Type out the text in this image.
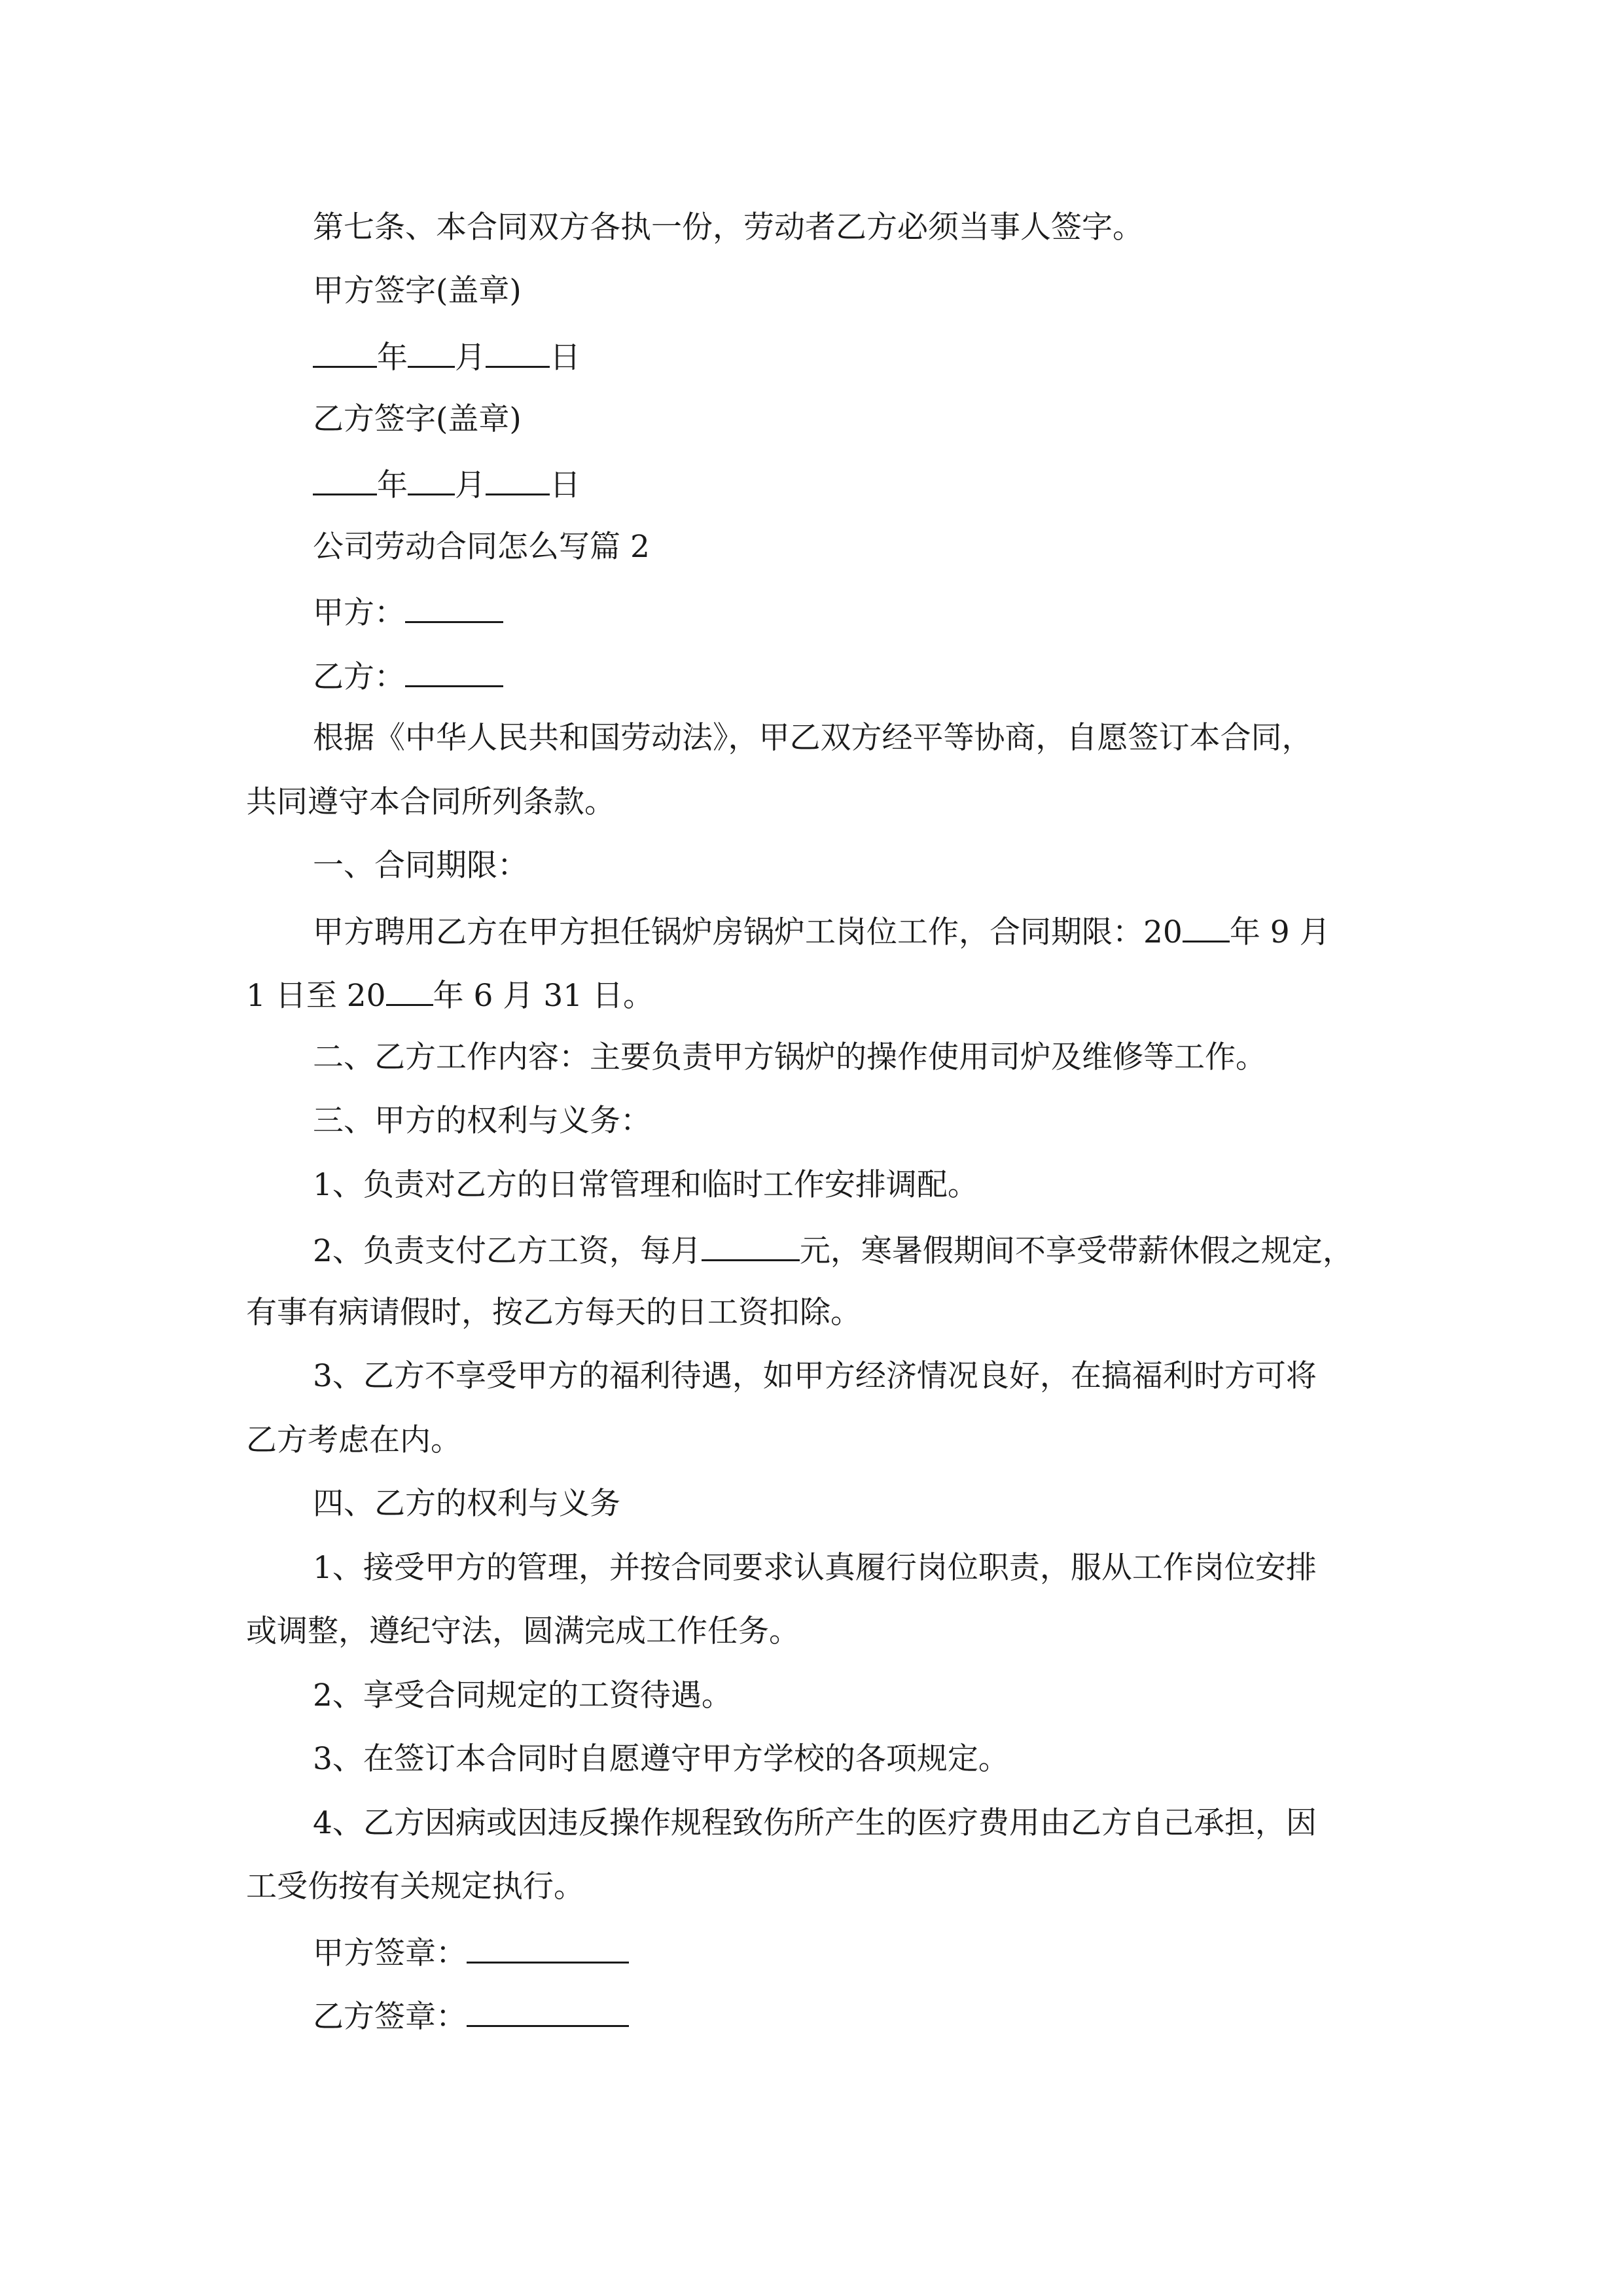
第七条、本合同双方各执一份，劳动者乙方必须当事人签字。
甲方签字(盖章)
年 月 日
乙方签字(盖章)
年 月 日
公司劳动合同怎么写篇 2
甲方：
乙方：
根据《中华人民共和国劳动法》，甲乙双方经平等协商，自愿签订本合同，
共同遵守本合同所列条款。
一、合同期限：
甲方聘用乙方在甲方担任锅炉房锅炉工岗位工作，合同期限：20 年 9 月
1 日至 20 年 6 月 31 日。
二、乙方工作内容：主要负责甲方锅炉的操作使用司炉及维修等工作。
三、甲方的权利与义务：
1、负责对乙方的日常管理和临时工作安排调配。
2、负责支付乙方工资，每月	元，寒暑假期间不享受带薪休假之规定，
有事有病请假时，按乙方每天的日工资扣除。
3、乙方不享受甲方的福利待遇，如甲方经济情况良好，在搞福利时方可将
乙方考虑在内。
四、乙方的权利与义务
1、接受甲方的管理，并按合同要求认真履行岗位职责，服从工作岗位安排
或调整，遵纪守法，圆满完成工作任务。
2、享受合同规定的工资待遇。
3、在签订本合同时自愿遵守甲方学校的各项规定。
4、乙方因病或因违反操作规程致伤所产生的医疗费用由乙方自己承担，因
工受伤按有关规定执行。
甲方签章：
乙方签章：
